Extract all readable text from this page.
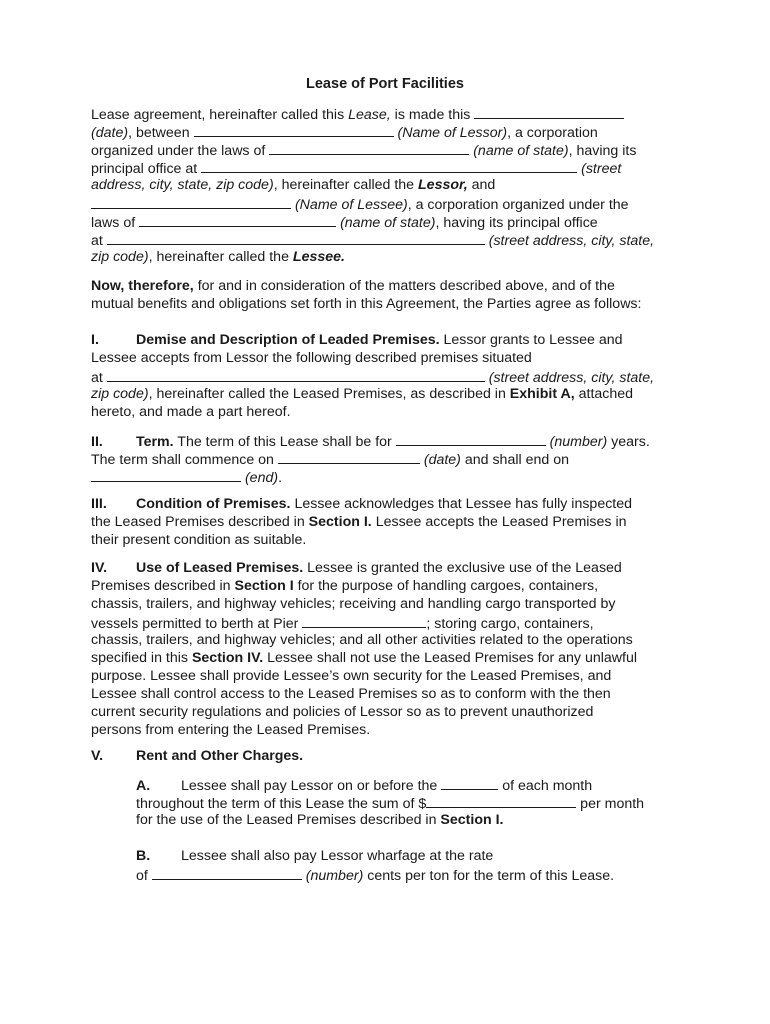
Lease of Port Facilities
Lease agreement, hereinafter called this Lease, is made this
(date), between	(Name of Lessor), a corporation
organized under the laws of	(name of state), having its
principal office at	(street
address, city, state, zip code), hereinafter called the Lessor, and
(Name of Lessee), a corporation organized under the
laws of	(name of state), having its principal office
at	(street address, city, state,
zip code), hereinafter called the Lessee.
Now, therefore, for and in consideration of the matters described above, and of the
mutual benefits and obligations set forth in this Agreement, the Parties agree as follows:
I.	Demise and Description of Leaded Premises. Lessor grants to Lessee and
Lessee accepts from Lessor the following described premises situated
at	(street address, city, state,
zip code), hereinafter called the Leased Premises, as described in Exhibit A, attached
hereto, and made a part hereof.
II. Term. The term of this Lease shall be for	(number) years.
The term shall commence on	(date) and shall end on
(end).
III. Condition of Premises. Lessee acknowledges that Lessee has fully inspected
the Leased Premises described in Section I. Lessee accepts the Leased Premises in
their present condition as suitable.
IV. Use of Leased Premises. Lessee is granted the exclusive use of the Leased
Premises described in Section I for the purpose of handling cargoes, containers,
chassis, trailers, and highway vehicles; receiving and handling cargo transported by
vessels permitted to berth at Pier	; storing cargo, containers,
chassis, trailers, and highway vehicles; and all other activities related to the operations
specified in this Section IV. Lessee shall not use the Leased Premises for any unlawful
purpose. Lessee shall provide Lessee’s own security for the Leased Premises, and
Lessee shall control access to the Leased Premises so as to conform with the then
current security regulations and policies of Lessor so as to prevent unauthorized
persons from entering the Leased Premises.
V. Rent and Other Charges.
A. Lessee shall pay Lessor on or before the	of each month
throughout the term of this Lease the sum of $	per month
for the use of the Leased Premises described in Section I.
B. Lessee shall also pay Lessor wharfage at the rate
of	(number) cents per ton for the term of this Lease.
